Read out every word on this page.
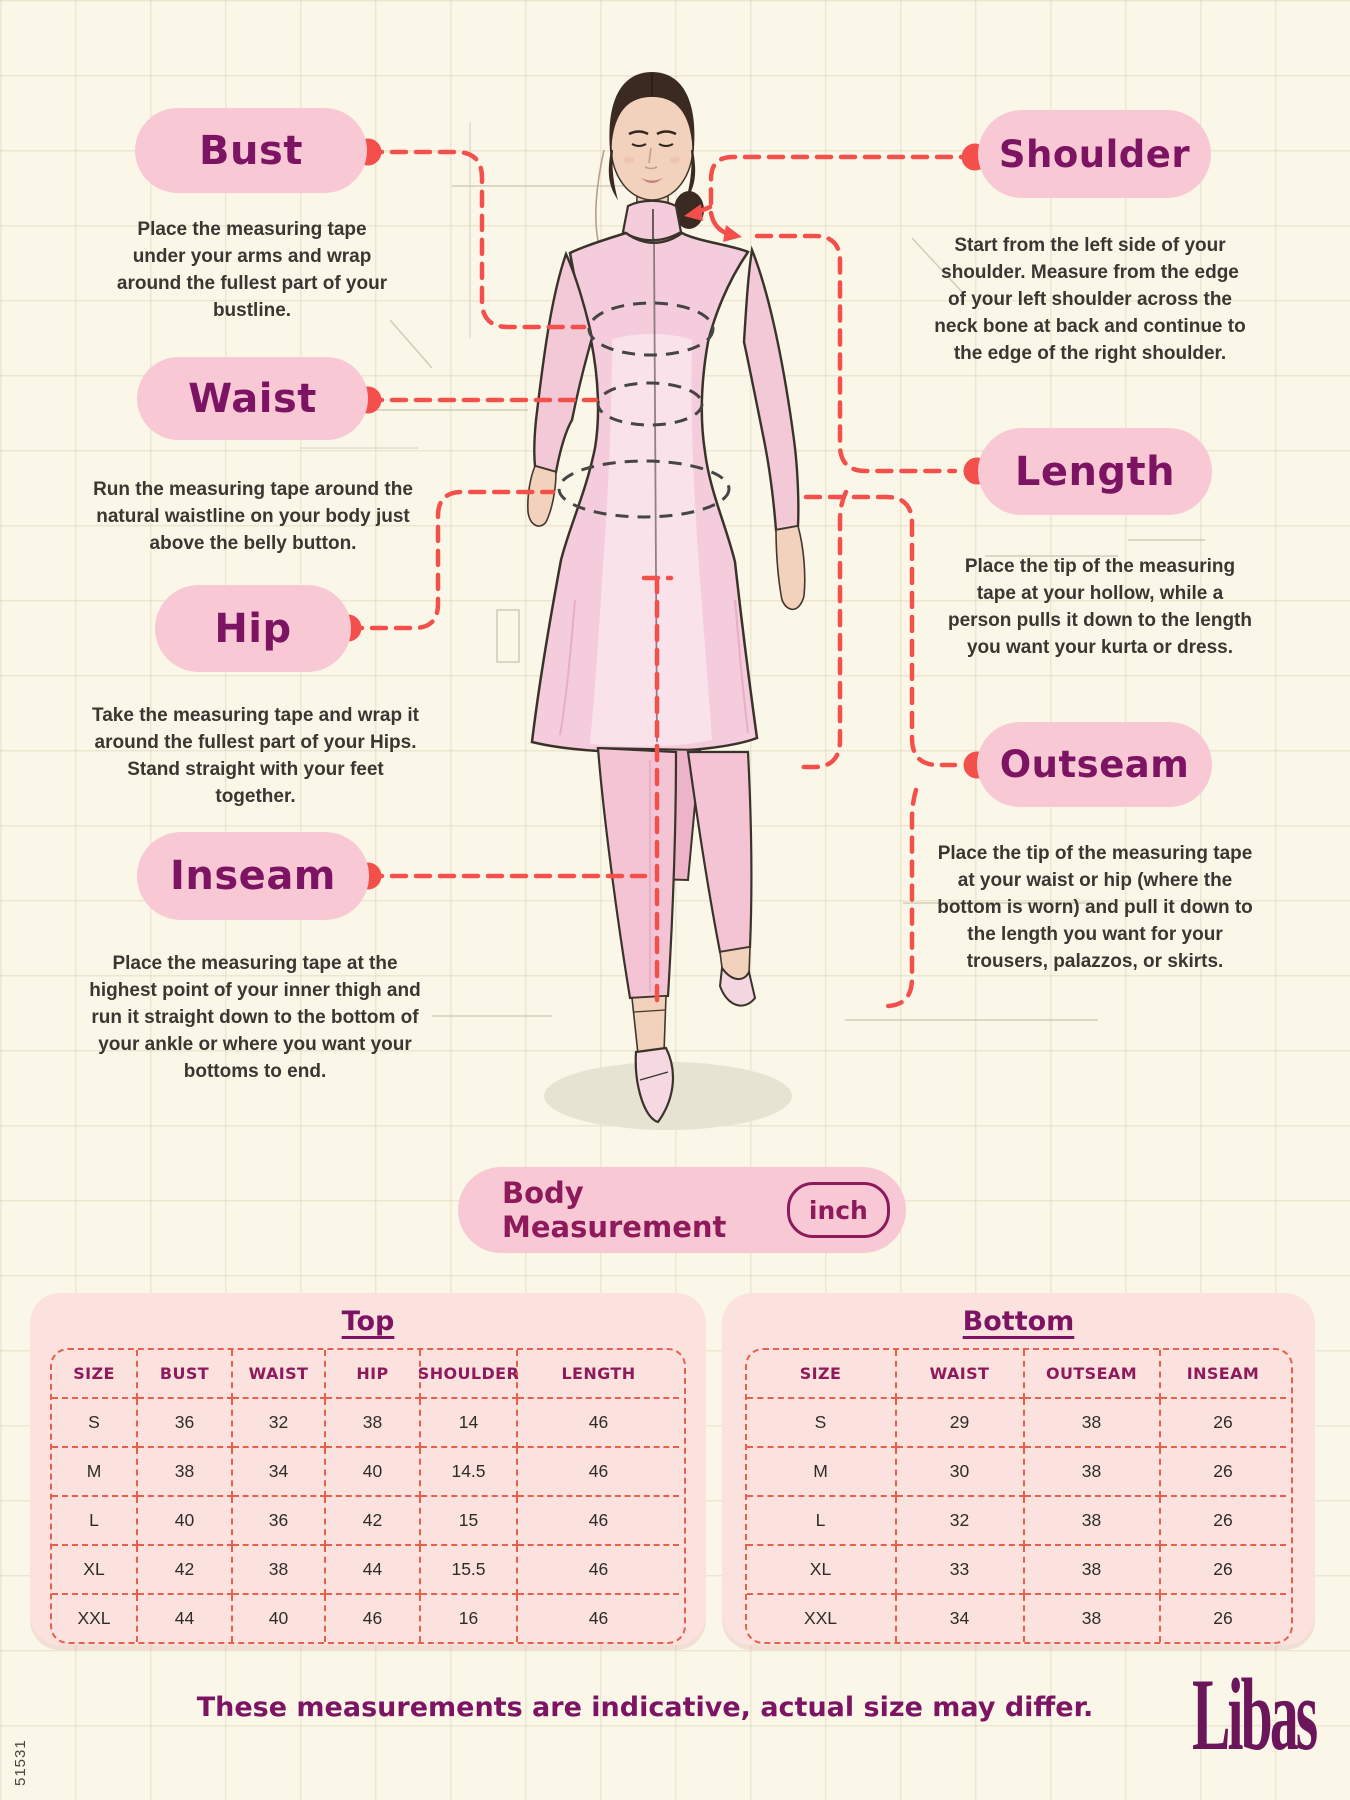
Bust

Place the measuring tape under your arms and wrap around the fullest part of your bustline.

Waist

Run the measuring tape around the natural waistline on your body just above the belly button.

Hip

Take the measuring tape and wrap it around the fullest part of your Hips. Stand straight with your feet together.

Inseam

Place the measuring tape at the highest point of your inner thigh and run it straight down to the bottom of your ankle or where you want your bottoms to end.

Shoulder

Start from the left side of your shoulder. Measure from the edge of your left shoulder across the neck bone at back and continue to the edge of the right shoulder.

Length

Place the tip of the measuring tape at your hollow, while a person pulls it down to the length you want your kurta or dress.

Outseam

Place the tip of the measuring tape at your waist or hip (where the bottom is worn) and pull it down to the length you want for your trousers, palazzos, or skirts.

Body Measurement	inch
Top
SIZE	BUST	WAIST	HIP	SHOULDER	LENGTH
S	36	32	38	14	46
M	38	34	40	14.5	46
L	40	36	42	15	46
XL	42	38	44	15.5	46
XXL	44	40	46	16	46
Bottom
SIZE	WAIST	OUTSEAM	INSEAM
S	29	38	26
M	30	38	26
L	32	38	26
XL	33	38	26
XXL	34	38	26

These measurements are indicative, actual size may differ.	Libas

51531
